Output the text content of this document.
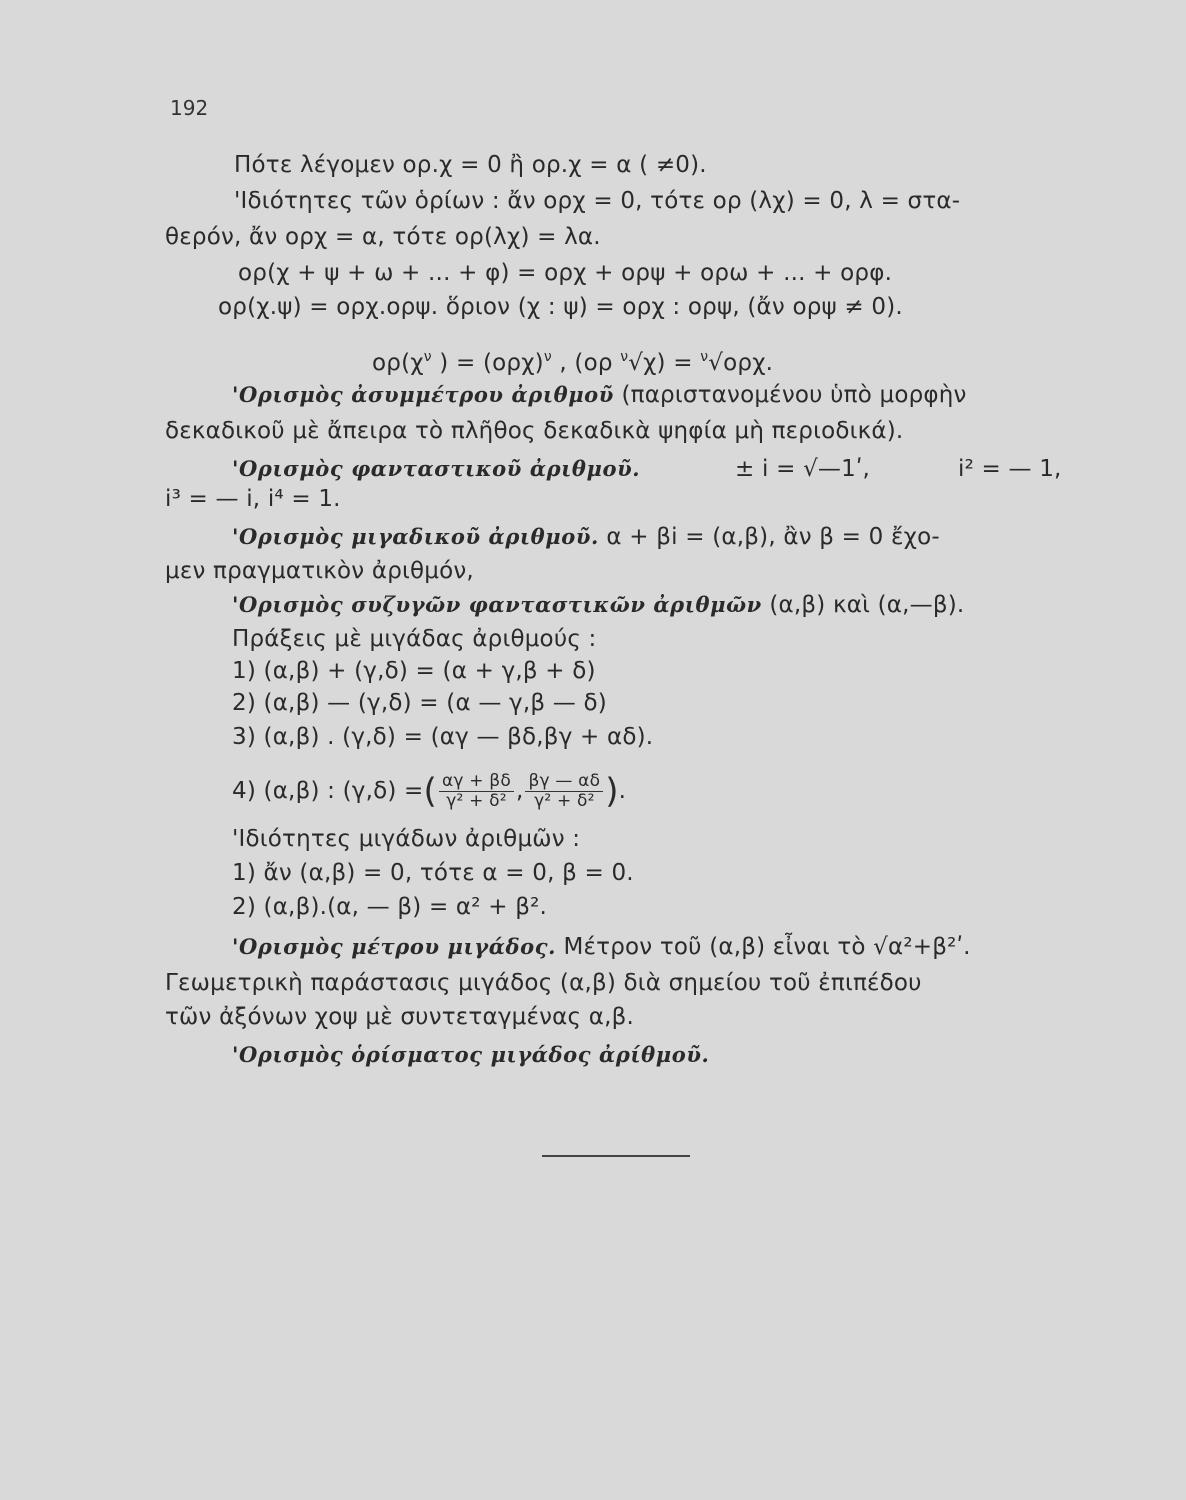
192
Πότε λέγομεν ορ.χ = 0 ἢ ορ.χ = α ( ≠0).
'Ιδιότητες τῶν ὁρίων : ἄν ορχ = 0, τότε ορ (λχ) = 0, λ = στα-
θερόν, ἄν ορχ = α, τότε ορ(λχ) = λα.
ορ(χ + ψ + ω + ... + φ) = ορχ + ορψ + ορω + ... + ορφ.
ορ(χ.ψ) = ορχ.ορψ. ὅριον (χ : ψ) = ορχ : ορψ, (ἄν ορψ ≠ 0).
$o\rho(\chi^\nu$ ) = $(o\rho\chi)^\nu$ , (ορ $^\nu$√χ) = $^\nu$√ορχ.
'Ορισμὸς ἀσυμμέτρου ἀριθμοῦ (παριστανομένου ὑπὸ μορφὴν
δεκαδικοῦ μὲ ἄπειρα τὸ πλῆθος δεκαδικὰ ψηφία μὴ περιοδικά).
'Ορισμὸς φανταστικοῦ ἀριθμοῦ.	± i = √—1ʹ,	i² = — 1,
i³ = — i, i⁴ = 1.
'Ορισμὸς μιγαδικοῦ ἀριθμοῦ. α + βi = (α,β), ἂν β = 0 ἔχο-
μεν πραγματικὸν ἀριθμόν,
'Ορισμὸς συζυγῶν φανταστικῶν ἀριθμῶν (α,β) καὶ (α,—β).
Πράξεις μὲ μιγάδας ἀριθμούς :
1) (α,β) + (γ,δ) = (α + γ,β + δ)
2) (α,β) — (γ,δ) = (α — γ,β — δ)
3) (α,β) . (γ,δ) = (αγ — βδ,βγ + αδ).
4) (α,β) : (γ,δ) =( $\frac{\alpha\gamma + \beta\delta}{\text{γ² + δ²}}$ , $\frac{\beta\gamma — \alpha\delta}{\text{γ² + δ²}}$ ).
'Ιδιότητες μιγάδων ἀριθμῶν :
1) ἄν (α,β) = 0, τότε α = 0, β = 0.
2) (α,β).(α, — β) = α² + β².
'Ορισμὸς μέτρου μιγάδος. Μέτρον τοῦ (α,β) εἶναι τὸ √α²+β²ʹ.
Γεωμετρικὴ παράστασις μιγάδος (α,β) διὰ σημείου τοῦ ἐπιπέδου
τῶν ἀξόνων χοψ μὲ συντεταγμένας α,β.
'Ορισμὸς ὁρίσματος μιγάδος ἀρίθμοῦ.
